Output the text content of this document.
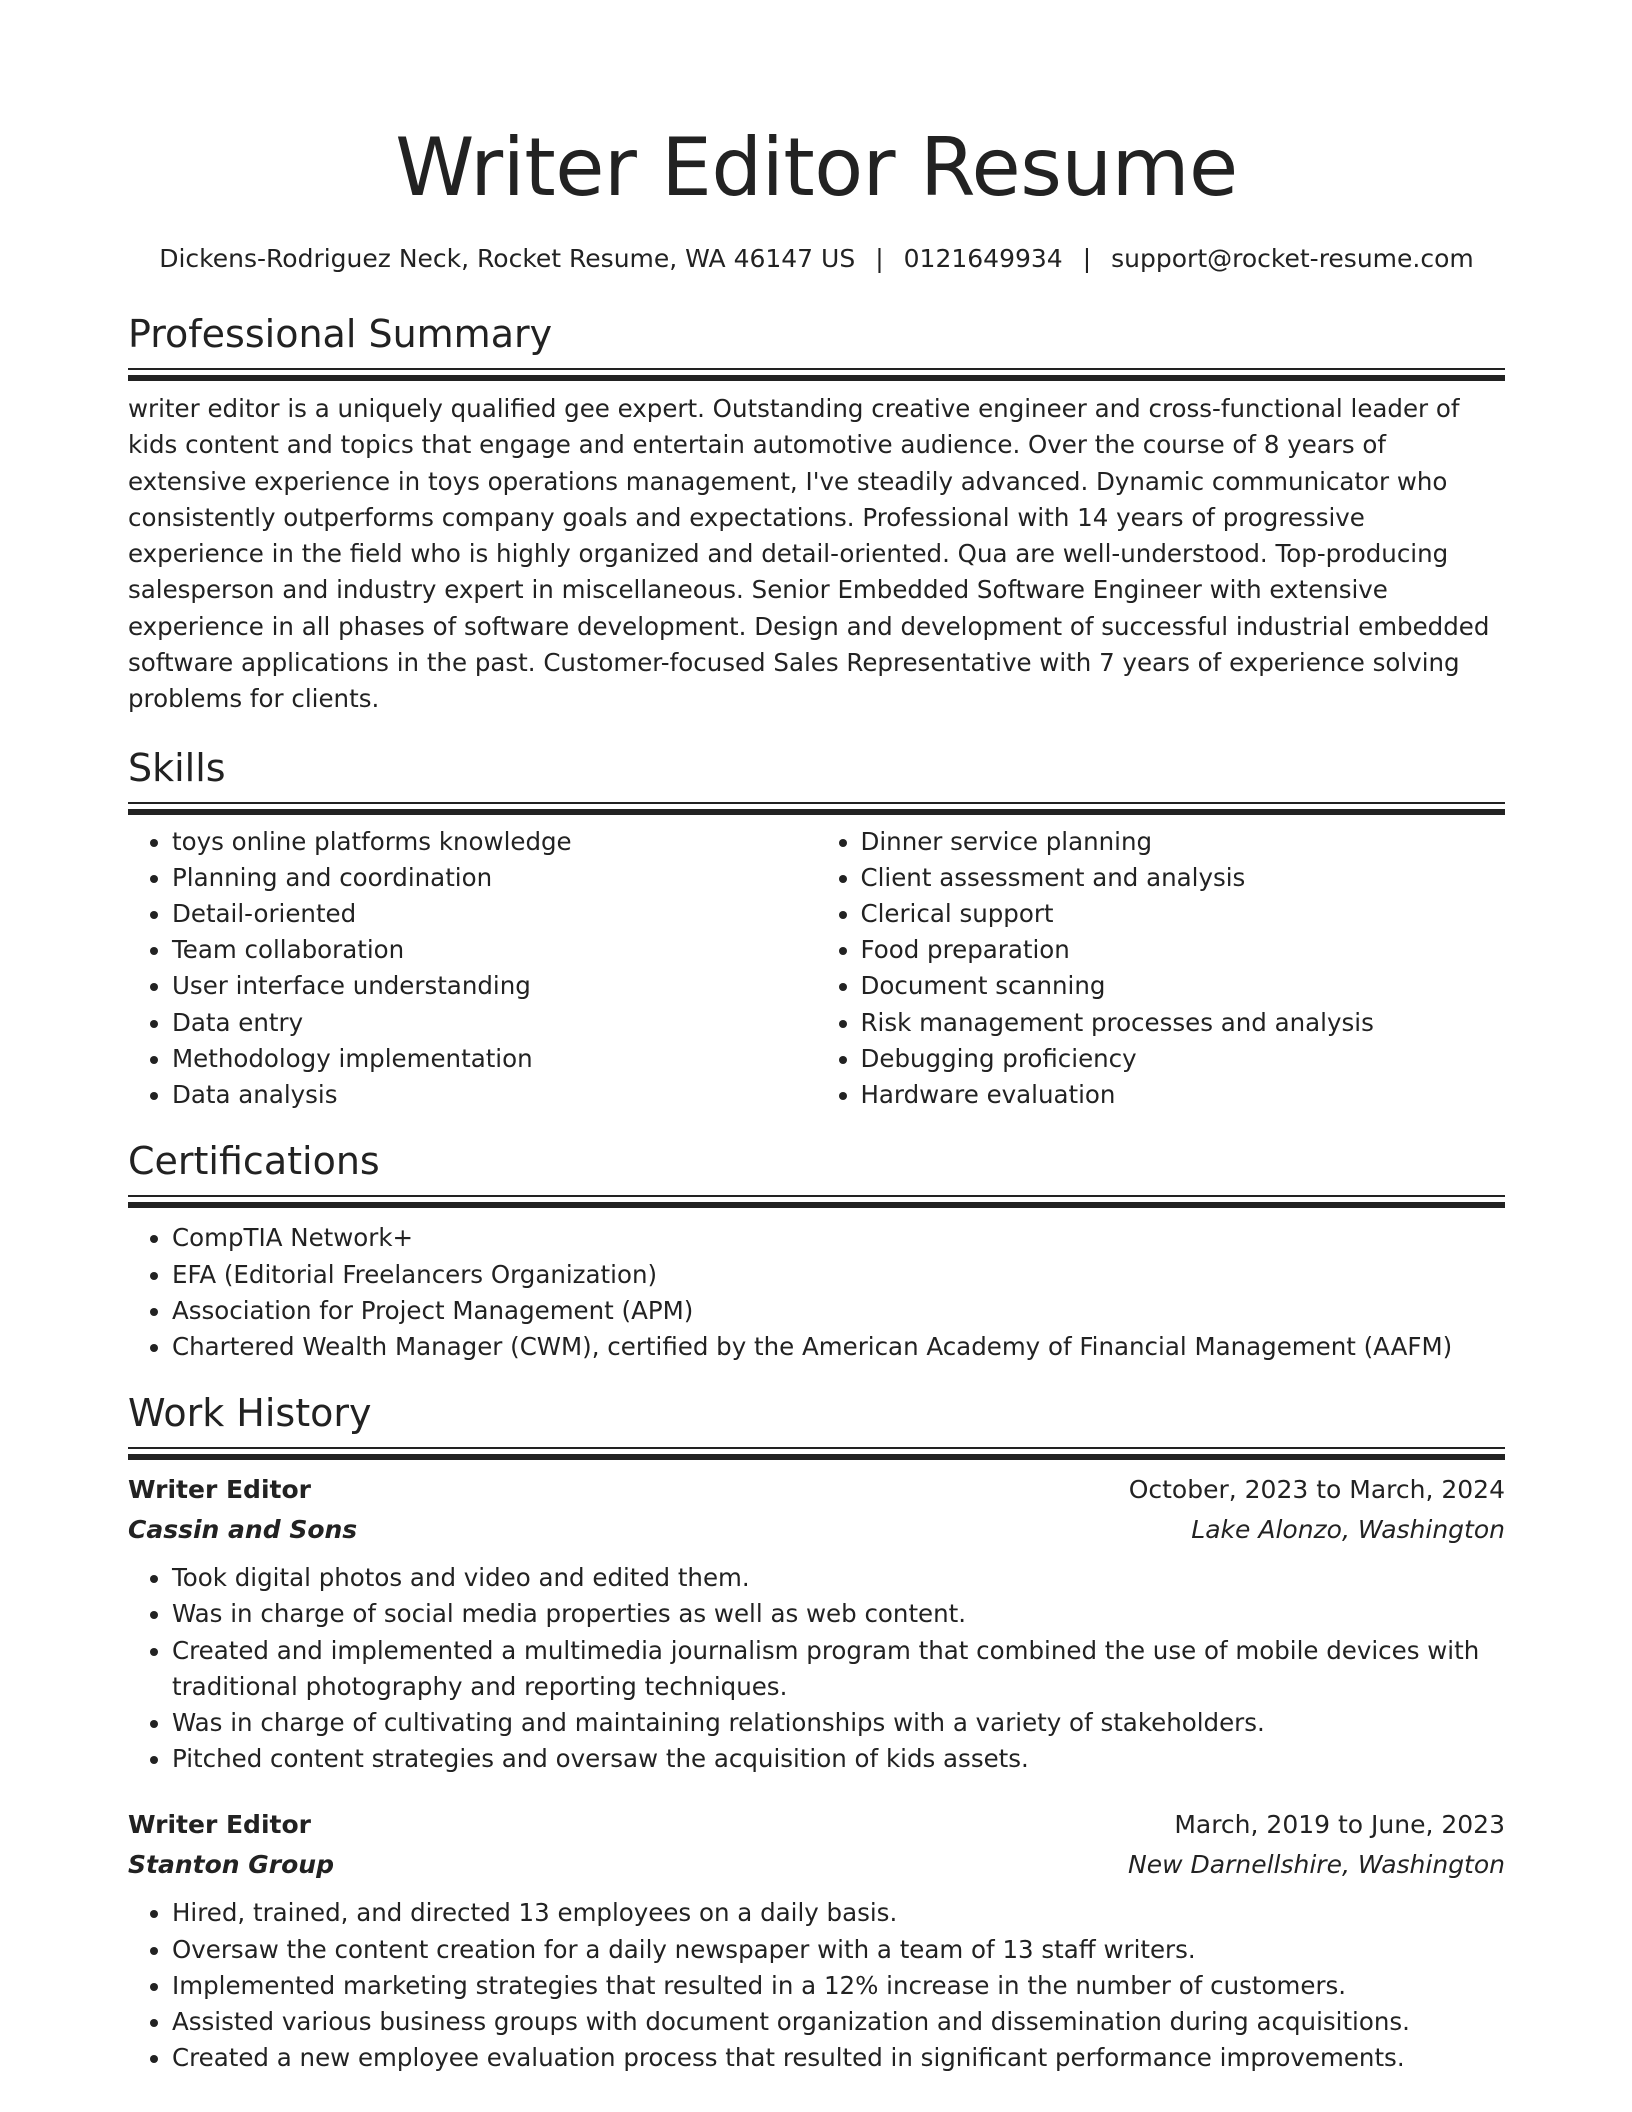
Writer Editor Resume
Dickens-Rodriguez Neck, Rocket Resume, WA 46147 US | 0121649934 | support@rocket-resume.com
Professional Summary

writer editor is a uniquely qualified gee expert. Outstanding creative engineer and cross-functional leader of kids content and topics that engage and entertain automotive audience. Over the course of 8 years of extensive experience in toys operations management, I've steadily advanced. Dynamic communicator who consistently outperforms company goals and expectations. Professional with 14 years of progressive experience in the field who is highly organized and detail-oriented. Qua are well-understood. Top-producing salesperson and industry expert in miscellaneous. Senior Embedded Software Engineer with extensive experience in all phases of software development. Design and development of successful industrial embedded software applications in the past. Customer-focused Sales Representative with 7 years of experience solving problems for clients.

Skills
• toys online platforms knowledge
• Planning and coordination
• Detail-oriented
• Team collaboration
• User interface understanding
• Data entry
• Methodology implementation
• Data analysis
• Dinner service planning
• Client assessment and analysis
• Clerical support
• Food preparation
• Document scanning
• Risk management processes and analysis
• Debugging proficiency
• Hardware evaluation
Certifications
• CompTIA Network+
• EFA (Editorial Freelancers Organization)
• Association for Project Management (APM)
• Chartered Wealth Manager (CWM), certified by the American Academy of Financial Management (AAFM)
Work History
Writer Editor	October, 2023 to March, 2024
Cassin and Sons	Lake Alonzo, Washington
• Took digital photos and video and edited them.
• Was in charge of social media properties as well as web content.
• Created and implemented a multimedia journalism program that combined the use of mobile devices with traditional photography and reporting techniques.
• Was in charge of cultivating and maintaining relationships with a variety of stakeholders.
• Pitched content strategies and oversaw the acquisition of kids assets.
Writer Editor	March, 2019 to June, 2023
Stanton Group	New Darnellshire, Washington
• Hired, trained, and directed 13 employees on a daily basis.
• Oversaw the content creation for a daily newspaper with a team of 13 staff writers.
• Implemented marketing strategies that resulted in a 12% increase in the number of customers.
• Assisted various business groups with document organization and dissemination during acquisitions.
• Created a new employee evaluation process that resulted in significant performance improvements.
